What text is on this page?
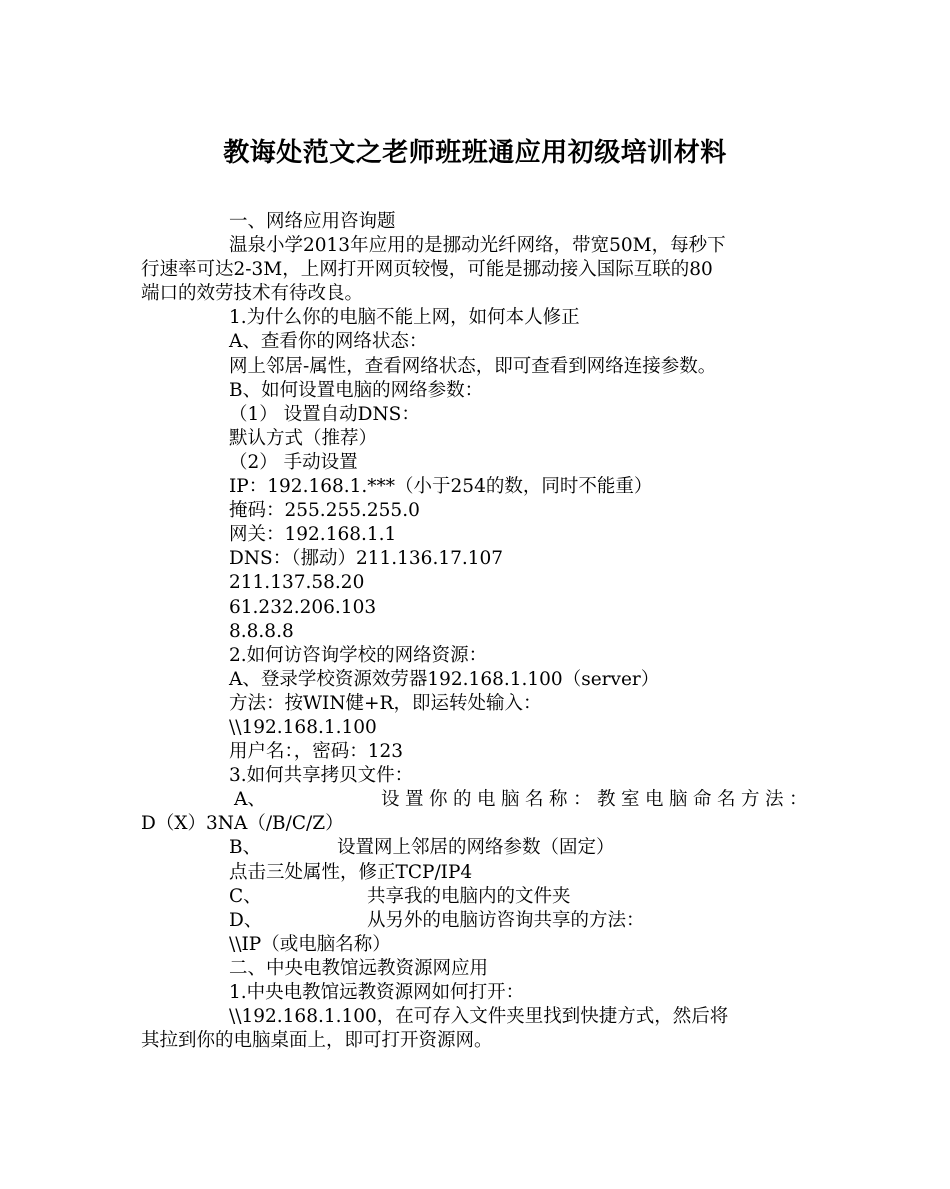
教诲处范文之老师班班通应用初级培训材料

一、网络应用咨询题

温泉小学2013年应用的是挪动光纤网络，带宽50M，每秒下

行速率可达2-3M，上网打开网页较慢，可能是挪动接入国际互联的80

端口的效劳技术有待改良。

1.为什么你的电脑不能上网，如何本人修正

A、查看你的网络状态：

网上邻居-属性，查看网络状态，即可查看到网络连接参数。

B、如何设置电脑的网络参数：

（1） 设置自动DNS：

默认方式（推荐）

（2） 手动设置

IP：192.168.1.***（小于254的数，同时不能重）

掩码：255.255.255.0

网关：192.168.1.1

DNS：（挪动）211.136.17.107

211.137.58.20

61.232.206.103

8.8.8.8

2.如何访咨询学校的网络资源：

A、登录学校资源效劳器192.168.1.100（server）

方法：按WIN健+R，即运转处输入：

\\192.168.1.100

用户名：，密码：123

3.如何共享拷贝文件：

A、	设置你的电脑名称：教室电脑命名方法：

D（X）3NA（/B/C/Z）

B、	设置网上邻居的网络参数（固定）

点击三处属性，修正TCP/IP4

C、	共享我的电脑内的文件夹

D、	从另外的电脑访咨询共享的方法：

\\IP（或电脑名称）

二、中央电教馆远教资源网应用

1.中央电教馆远教资源网如何打开：

\\192.168.1.100，在可存入文件夹里找到快捷方式，然后将

其拉到你的电脑桌面上，即可打开资源网。
